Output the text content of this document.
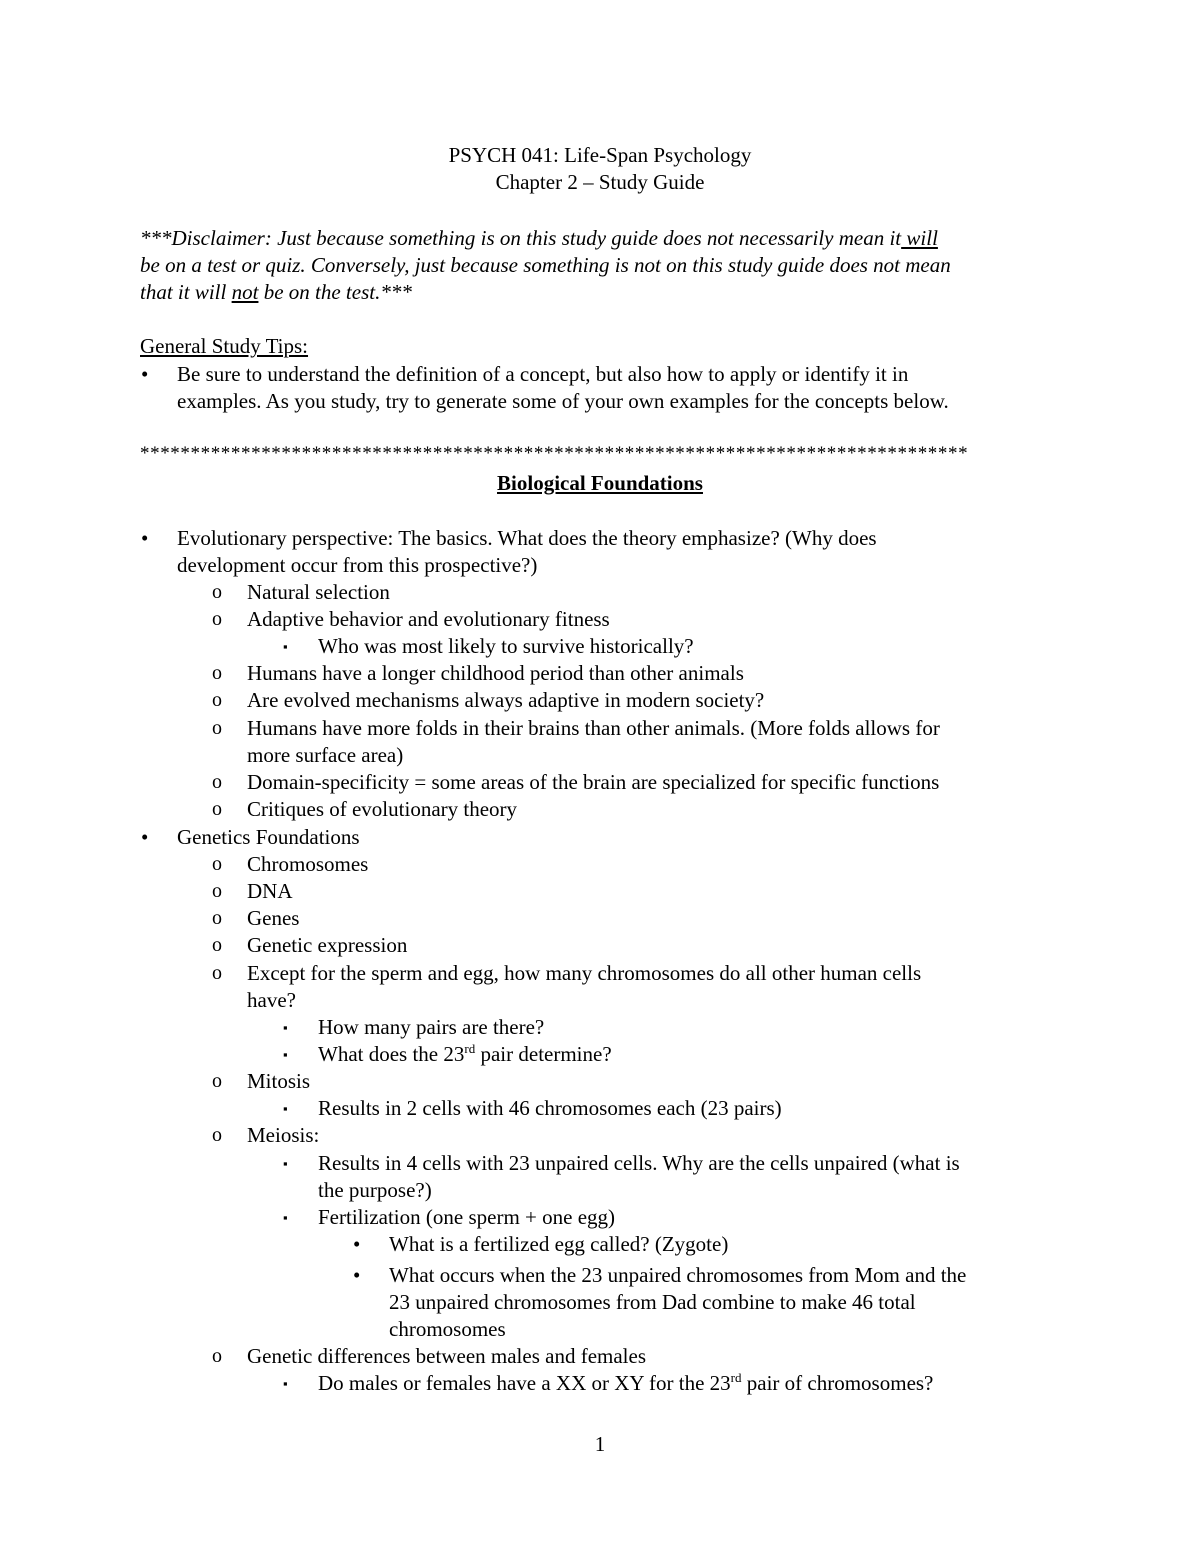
PSYCH 041: Life-Span Psychology
Chapter 2 – Study Guide
***Disclaimer: Just because something is on this study guide does not necessarily mean it will
be on a test or quiz. Conversely, just because something is not on this study guide does not mean
that it will not be on the test.***
General Study Tips:
• Be sure to understand the definition of a concept, but also how to apply or identify it in
examples. As you study, try to generate some of your own examples for the concepts below.
**********************************************************************************
Biological Foundations
• Evolutionary perspective: The basics. What does the theory emphasize? (Why does
development occur from this prospective?)
o Natural selection
o Adaptive behavior and evolutionary fitness
▪ Who was most likely to survive historically?
o Humans have a longer childhood period than other animals
o Are evolved mechanisms always adaptive in modern society?
o Humans have more folds in their brains than other animals. (More folds allows for
more surface area)
o Domain-specificity = some areas of the brain are specialized for specific functions
o Critiques of evolutionary theory
• Genetics Foundations
o Chromosomes
o DNA
o Genes
o Genetic expression
o Except for the sperm and egg, how many chromosomes do all other human cells
have?
▪ How many pairs are there?
▪ What does the 23rd pair determine?
o Mitosis
▪ Results in 2 cells with 46 chromosomes each (23 pairs)
o Meiosis:
▪ Results in 4 cells with 23 unpaired cells. Why are the cells unpaired (what is
the purpose?)
▪ Fertilization (one sperm + one egg)
• What is a fertilized egg called? (Zygote)
• What occurs when the 23 unpaired chromosomes from Mom and the
23 unpaired chromosomes from Dad combine to make 46 total
chromosomes
o Genetic differences between males and females
▪ Do males or females have a XX or XY for the 23rd pair of chromosomes?
1
